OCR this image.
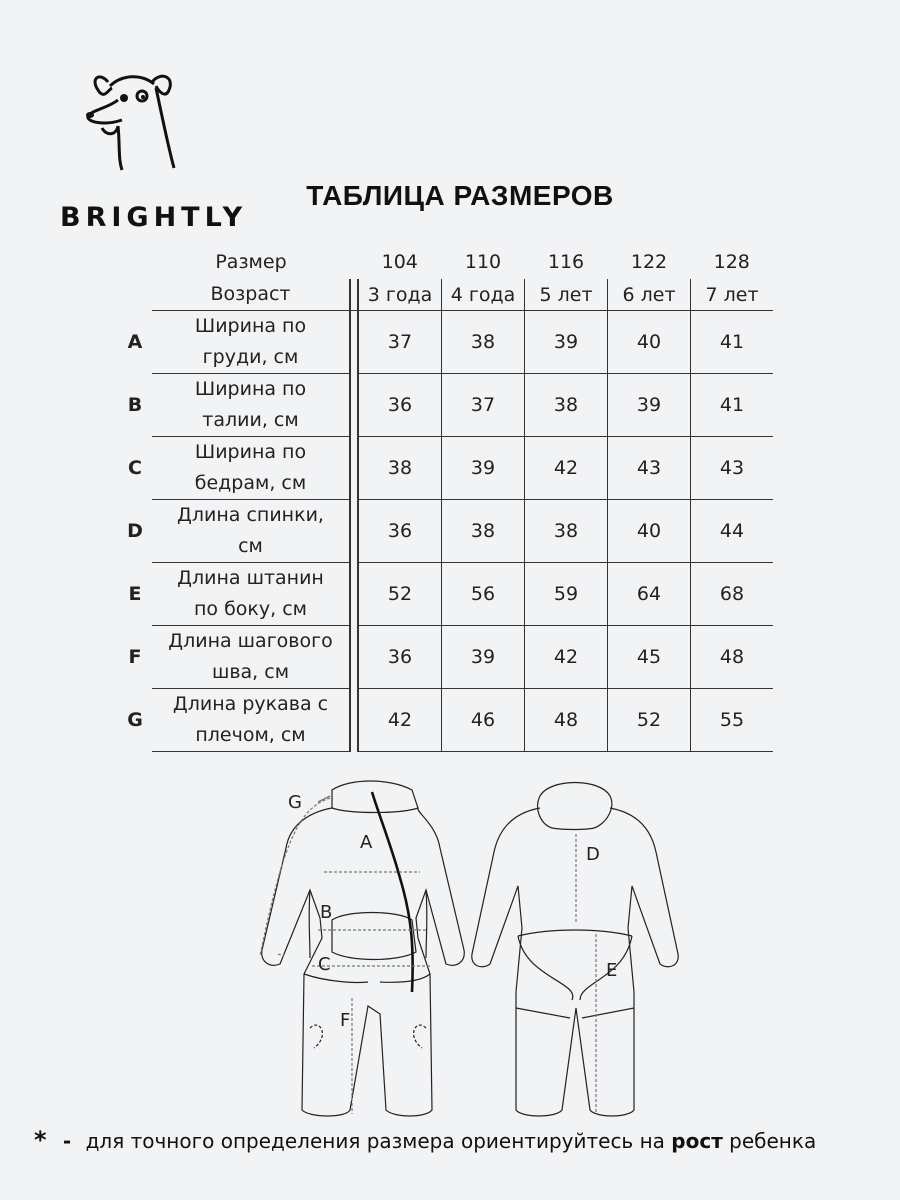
BRIGHTLY
ТАБЛИЦА РАЗМЕРОВ
	Размер		104	110	116	122	128
	Возраст		3 года	4 года	5 лет	6 лет	7 лет
A	Ширина по
груди, см		37	38	39	40	41
B	Ширина по
талии, см		36	37	38	39	41
C	Ширина по
бедрам, см		38	39	42	43	43
D	Длина спинки,
см		36	38	38	40	44
E	Длина штанин
по боку, см		52	56	59	64	68
F	Длина шагового
шва, см		36	39	42	45	48
G	Длина рукава с
плечом, см		42	46	48	52	55
A
B
C
F
G
D
E
* - для точного определения размера ориентируйтесь на рост ребенка
